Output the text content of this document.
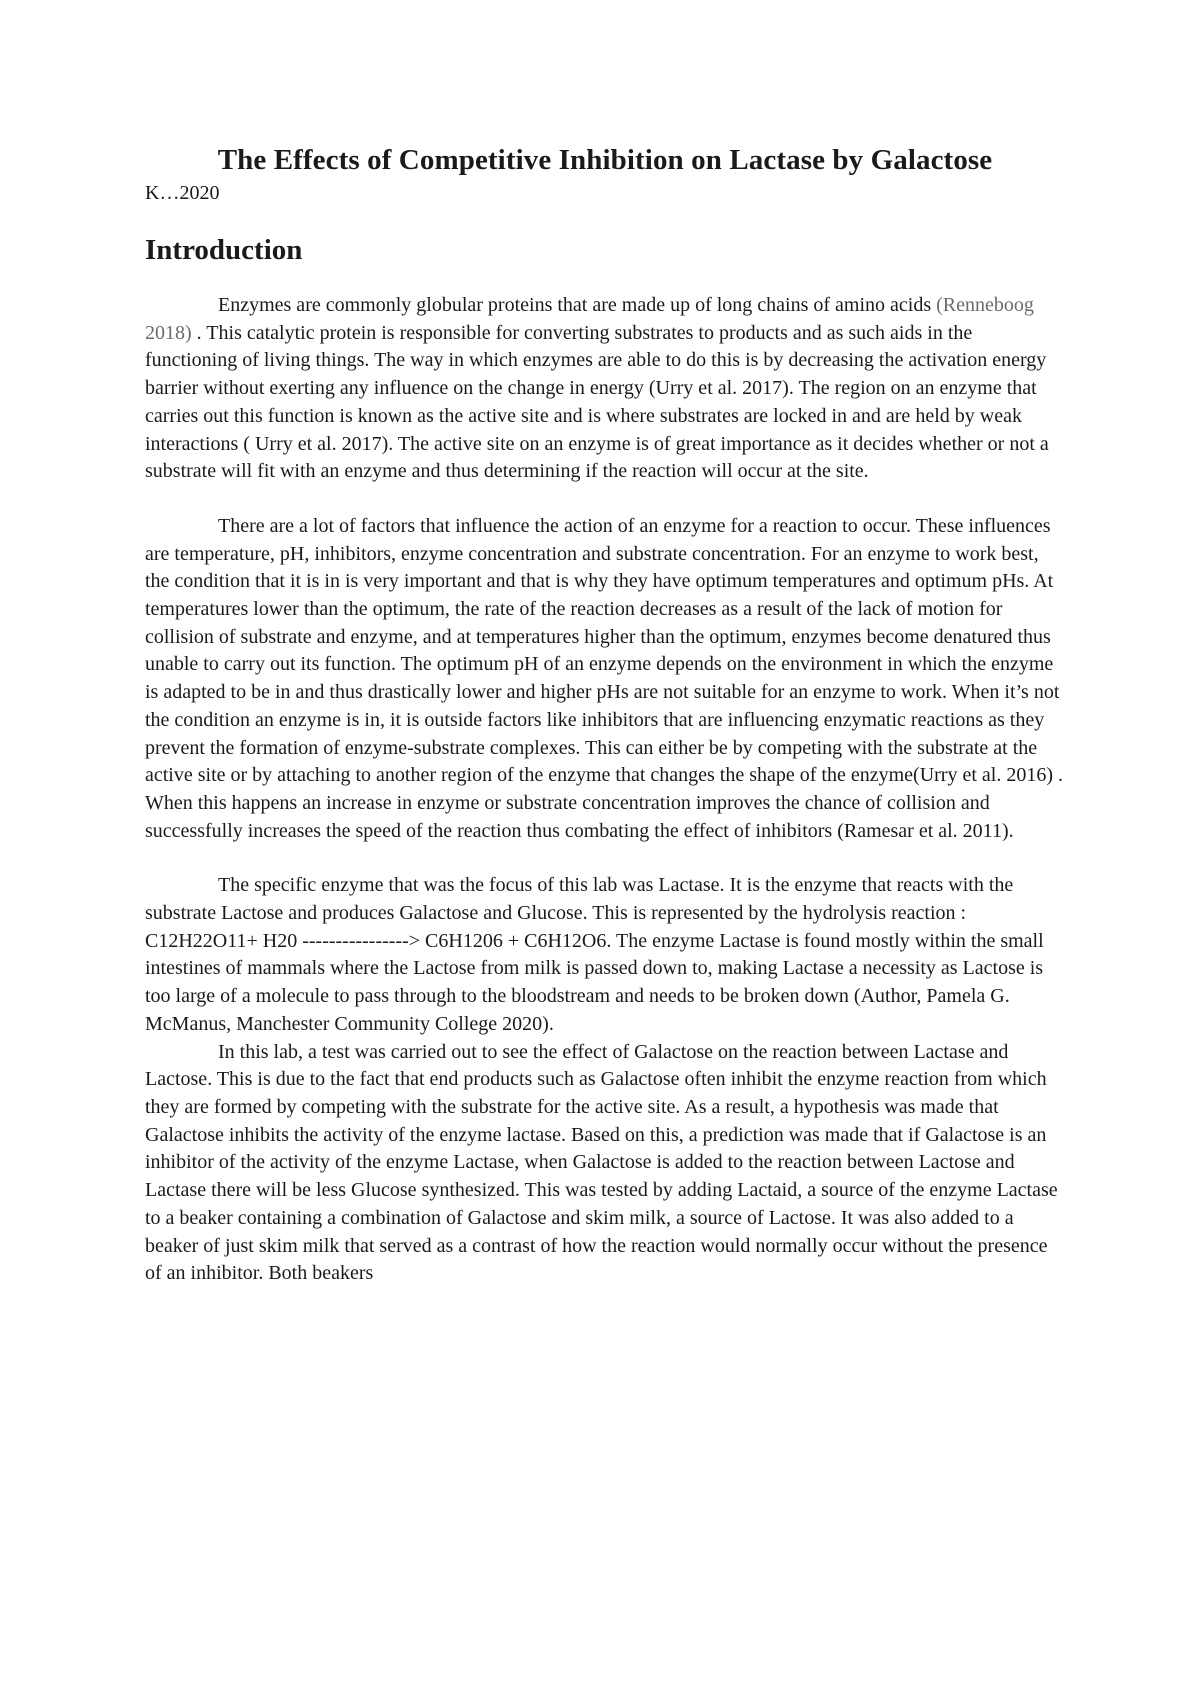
The Effects of Competitive Inhibition on Lactase by Galactose

K…2020

Introduction

Enzymes are commonly globular proteins that are made up of long chains of amino acids (Renneboog 2018) . This catalytic protein is responsible for converting substrates to products and as such aids in the functioning of living things. The way in which enzymes are able to do this is by decreasing the activation energy barrier without exerting any influence on the change in energy (Urry et al. 2017). The region on an enzyme that carries out this function is known as the active site and is where substrates are locked in and are held by weak interactions ( Urry et al. 2017). The active site on an enzyme is of great importance as it decides whether or not a substrate will fit with an enzyme and thus determining if the reaction will occur at the site.

There are a lot of factors that influence the action of an enzyme for a reaction to occur. These influences are temperature, pH, inhibitors, enzyme concentration and substrate concentration. For an enzyme to work best, the condition that it is in is very important and that is why they have optimum temperatures and optimum pHs. At temperatures lower than the optimum, the rate of the reaction decreases as a result of the lack of motion for collision of substrate and enzyme, and at temperatures higher than the optimum, enzymes become denatured thus unable to carry out its function. The optimum pH of an enzyme depends on the environment in which the enzyme is adapted to be in and thus drastically lower and higher pHs are not suitable for an enzyme to work. When it’s not the condition an enzyme is in, it is outside factors like inhibitors that are influencing enzymatic reactions as they prevent the formation of enzyme-substrate complexes. This can either be by competing with the substrate at the active site or by attaching to another region of the enzyme that changes the shape of the enzyme(Urry et al. 2016) . When this happens an increase in enzyme or substrate concentration improves the chance of collision and successfully increases the speed of the reaction thus combating the effect of inhibitors (Ramesar et al. 2011).

The specific enzyme that was the focus of this lab was Lactase. It is the enzyme that reacts with the substrate Lactose and produces Galactose and Glucose. This is represented by the hydrolysis reaction : C12H22O11+ H20 ----------------> C6H1206 + C6H12O6. The enzyme Lactase is found mostly within the small intestines of mammals where the Lactose from milk is passed down to, making Lactase a necessity as Lactose is too large of a molecule to pass through to the bloodstream and needs to be broken down (Author, Pamela G. McManus, Manchester Community College 2020).

In this lab, a test was carried out to see the effect of Galactose on the reaction between Lactase and Lactose. This is due to the fact that end products such as Galactose often inhibit the enzyme reaction from which they are formed by competing with the substrate for the active site. As a result, a hypothesis was made that Galactose inhibits the activity of the enzyme lactase. Based on this, a prediction was made that if Galactose is an inhibitor of the activity of the enzyme Lactase, when Galactose is added to the reaction between Lactose and Lactase there will be less Glucose synthesized. This was tested by adding Lactaid, a source of the enzyme Lactase to a beaker containing a combination of Galactose and skim milk, a source of Lactose. It was also added to a beaker of just skim milk that served as a contrast of how the reaction would normally occur without the presence of an inhibitor. Both beakers
